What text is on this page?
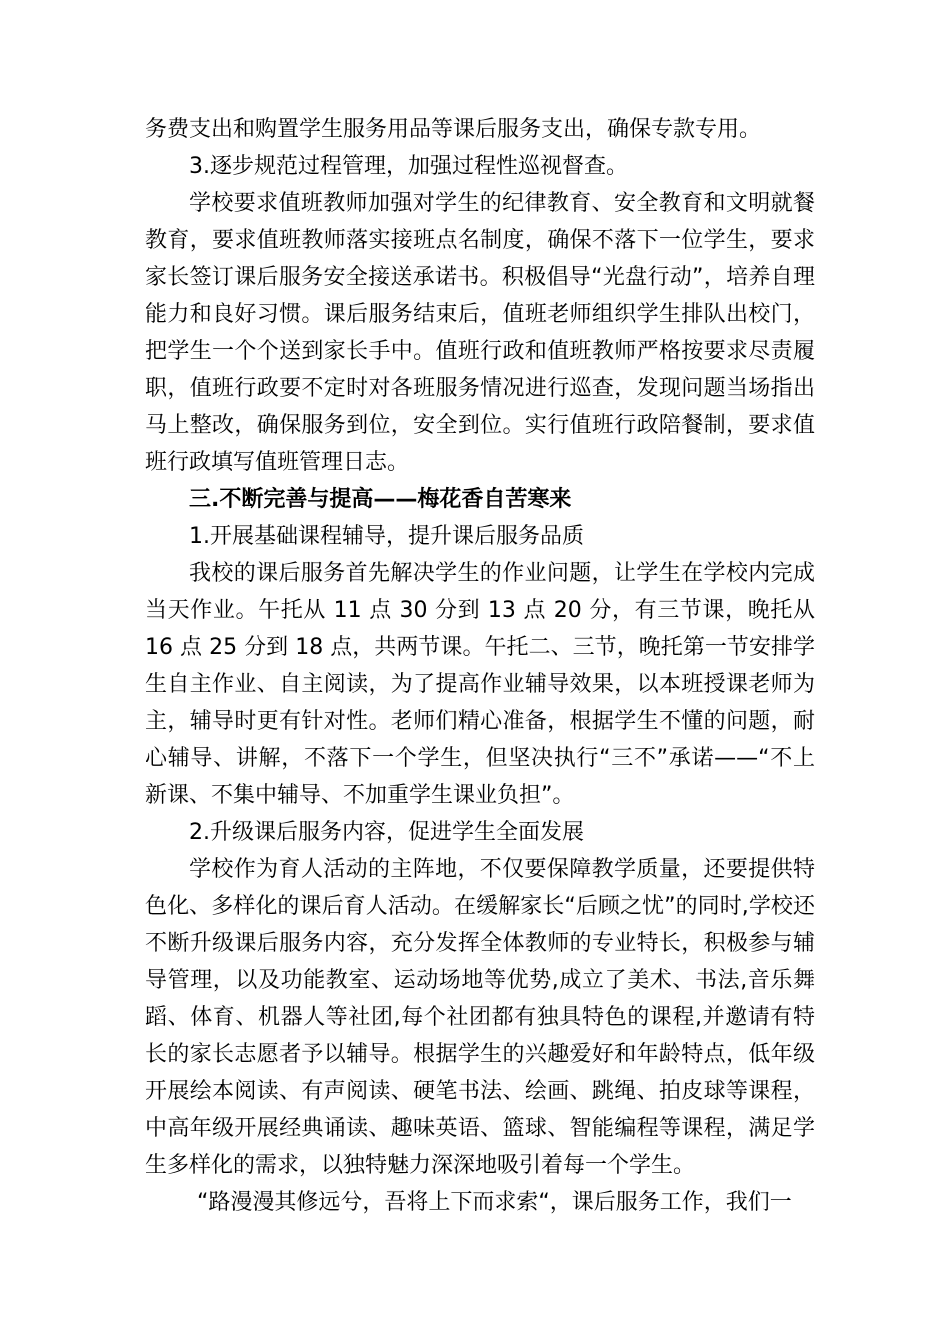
务费支出和购置学生服务用品等课后服务支出，确保专款专用。

3.逐步规范过程管理，加强过程性巡视督查。

学校要求值班教师加强对学生的纪律教育、安全教育和文明就餐教育，要求值班教师落实接班点名制度，确保不落下一位学生，要求家长签订课后服务安全接送承诺书。积极倡导“光盘行动”，培养自理能力和良好习惯。课后服务结束后，值班老师组织学生排队出校门，把学生一个个送到家长手中。值班行政和值班教师严格按要求尽责履职，值班行政要不定时对各班服务情况进行巡查，发现问题当场指出马上整改，确保服务到位，安全到位。实行值班行政陪餐制，要求值班行政填写值班管理日志。

三.不断完善与提高——梅花香自苦寒来

1.开展基础课程辅导，提升课后服务品质

我校的课后服务首先解决学生的作业问题，让学生在学校内完成当天作业。午托从 11 点 30 分到 13 点 20 分，有三节课，晚托从 16 点 25 分到 18 点，共两节课。午托二、三节，晚托第一节安排学生自主作业、自主阅读，为了提高作业辅导效果，以本班授课老师为主，辅导时更有针对性。老师们精心准备，根据学生不懂的问题，耐心辅导、讲解，不落下一个学生，但坚决执行“三不”承诺——“不上新课、不集中辅导、不加重学生课业负担”。

2.升级课后服务内容，促进学生全面发展

学校作为育人活动的主阵地，不仅要保障教学质量，还要提供特色化、多样化的课后育人活动。在缓解家长“后顾之忧”的同时,学校还不断升级课后服务内容，充分发挥全体教师的专业特长，积极参与辅导管理，以及功能教室、运动场地等优势,成立了美术、书法,音乐舞蹈、体育、机器人等社团,每个社团都有独具特色的课程,并邀请有特长的家长志愿者予以辅导。根据学生的兴趣爱好和年龄特点，低年级开展绘本阅读、有声阅读、硬笔书法、绘画、跳绳、拍皮球等课程，中高年级开展经典诵读、趣味英语、篮球、智能编程等课程，满足学生多样化的需求，以独特魅力深深地吸引着每一个学生。

“路漫漫其修远兮，吾将上下而求索“，课后服务工作，我们一
